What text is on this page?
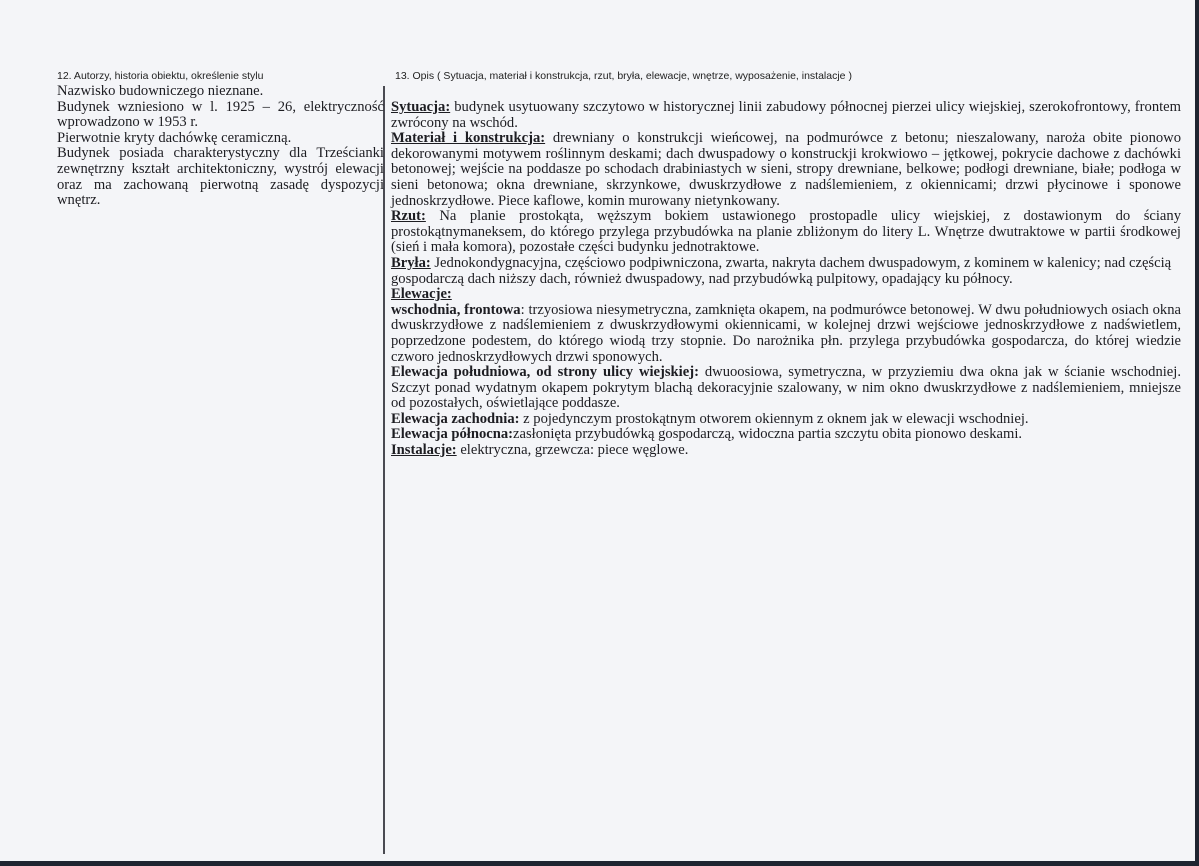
12. Autorzy, historia obiektu, określenie stylu	13. Opis ( Sytuacja, materiał i konstrukcja, rzut, bryła, elewacje, wnętrze, wyposażenie, instalacje )

Nazwisko budowniczego nieznane.

Budynek wzniesiono w l. 1925 – 26, elektryczność wprowadzono w 1953 r.

Pierwotnie kryty dachówkę ceramiczną.

Budynek posiada charakterystyczny dla Trześcianki zewnętrzny kształt architektoniczny, wystrój elewacji oraz ma zachowaną pierwotną zasadę dyspozycji wnętrz.

Sytuacja: budynek usytuowany szczytowo w historycznej linii zabudowy północnej pierzei ulicy wiejskiej, szerokofrontowy, frontem zwrócony na wschód.

Materiał i konstrukcja: drewniany o konstrukcji wieńcowej, na podmurówce z betonu; nieszalowany, naroża obite pionowo dekorowanymi motywem roślinnym deskami; dach dwuspadowy o konstruckji krokwiowo – jętkowej, pokrycie dachowe z dachówki betonowej; wejście na poddasze po schodach drabiniastych w sieni, stropy drewniane, belkowe; podłogi drewniane, białe; podłoga w sieni betonowa; okna drewniane, skrzynkowe, dwuskrzydłowe z nadślemieniem, z okiennicami; drzwi płycinowe i sponowe jednoskrzydłowe. Piece kaflowe, komin murowany nietynkowany.

Rzut: Na planie prostokąta, węższym bokiem ustawionego prostopadle ulicy wiejskiej, z dostawionym do ściany prostokątnymaneksem, do którego przylega przybudówka na planie zbliżonym do litery L. Wnętrze dwutraktowe w partii środkowej (sień i mała komora), pozostałe części budynku jednotraktowe.

Bryła: Jednokondygnacyjna, częściowo podpiwniczona, zwarta, nakryta dachem dwuspadowym, z kominem w kalenicy; nad częścią gospodarczą dach niższy dach, również dwuspadowy, nad przybudówką pulpitowy, opadający ku północy.

Elewacje:

wschodnia, frontowa: trzyosiowa niesymetryczna, zamknięta okapem, na podmurówce betonowej. W dwu południowych osiach okna dwuskrzydłowe z nadślemieniem z dwuskrzydłowymi okiennicami, w kolejnej drzwi wejściowe jednoskrzydłowe z nadświetlem, poprzedzone podestem, do którego wiodą trzy stopnie. Do narożnika płn. przylega przybudówka gospodarcza, do której wiedzie czworo jednoskrzydłowych drzwi sponowych.

Elewacja południowa, od strony ulicy wiejskiej: dwuoosiowa, symetryczna, w przyziemiu dwa okna jak w ścianie wschodniej. Szczyt ponad wydatnym okapem pokrytym blachą dekoracyjnie szalowany, w nim okno dwuskrzydłowe z nadślemieniem, mniejsze od pozostałych, oświetlające poddasze.

Elewacja zachodnia: z pojedynczym prostokątnym otworem okiennym z oknem jak w elewacji wschodniej.

Elewacja północna:zasłonięta przybudówką gospodarczą, widoczna partia szczytu obita pionowo deskami.

Instalacje: elektryczna, grzewcza: piece węglowe.
